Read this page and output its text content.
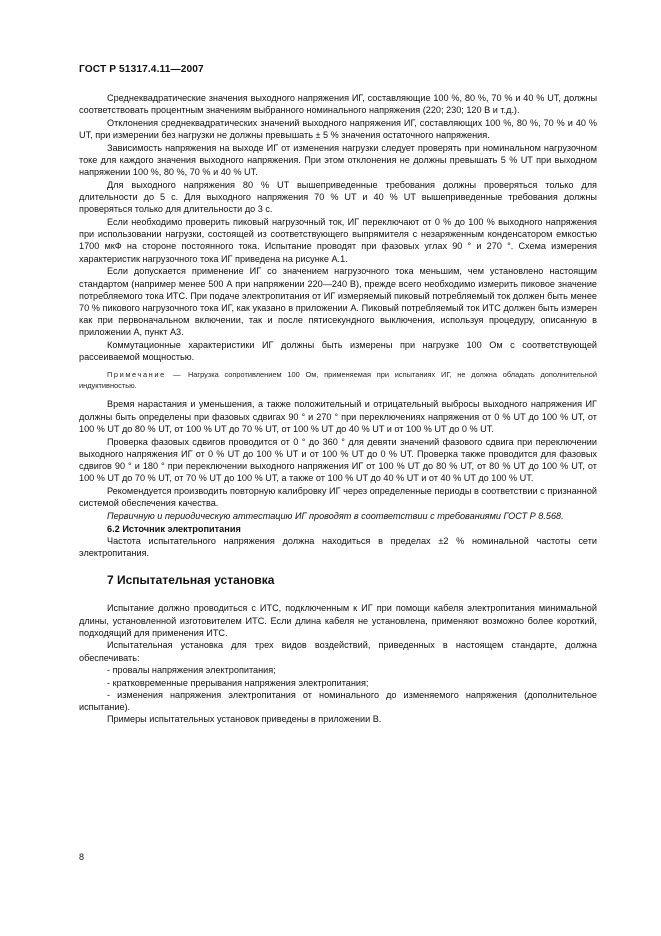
ГОСТ Р 51317.4.11—2007

Среднеквадратические значения выходного напряжения ИГ, составляющие 100 %, 80 %, 70 % и 40 % UT, должны соответствовать процентным значениям выбранного номинального напряжения (220; 230; 120 В и т.д.).

Отклонения среднеквадратических значений выходного напряжения ИГ, составляющих 100 %, 80 %, 70 % и 40 % UT, при измерении без нагрузки не должны превышать ± 5 % значения остаточного напряжения.

Зависимость напряжения на выходе ИГ от изменения нагрузки следует проверять при номинальном нагрузочном токе для каждого значения выходного напряжения. При этом отклонения не должны превышать 5 % UT при выходном напряжении 100 %, 80 %, 70 % и 40 % UT.

Для выходного напряжения 80 % UT вышеприведенные требования должны проверяться только для длительности до 5 с. Для выходного напряжения 70 % UT и 40 % UT вышеприведенные требования должны проверяться только для длительности до 3 с.

Если необходимо проверить пиковый нагрузочный ток, ИГ переключают от 0 % до 100 % выходного напряжения при использовании нагрузки, состоящей из соответствующего выпрямителя с незаряженным конденсатором емкостью 1700 мкФ на стороне постоянного тока. Испытание проводят при фазовых углах 90 ° и 270 °. Схема измерения характеристик нагрузочного тока ИГ приведена на рисунке А.1.

Если допускается применение ИГ со значением нагрузочного тока меньшим, чем установлено настоящим стандартом (например менее 500 А при напряжении 220—240 В), прежде всего необходимо измерить пиковое значение потребляемого тока ИТС. При подаче электропитания от ИГ измеряемый пиковый потребляемый ток должен быть менее 70 % пикового нагрузочного тока ИГ, как указано в приложении А. Пиковый потребляемый ток ИТС должен быть измерен как при первоначальном включении, так и после пятисекундного выключения, используя процедуру, описанную в приложении А, пункт А3.

Коммутационные характеристики ИГ должны быть измерены при нагрузке 100 Ом с соответствующей рассеиваемой мощностью.

Примечание — Нагрузка сопротивлением 100 Ом, применяемая при испытаниях ИГ, не должна обладать дополнительной индуктивностью.

Время нарастания и уменьшения, а также положительный и отрицательный выбросы выходного напряжения ИГ должны быть определены при фазовых сдвигах 90 ° и 270 ° при переключениях напряжения от 0 % UT до 100 % UT, от 100 % UT до 80 % UT, от 100 % UT до 70 % UT, от 100 % UT до 40 % UT и от 100 % UT до 0 % UT.

Проверка фазовых сдвигов проводится от 0 ° до 360 ° для девяти значений фазового сдвига при переключении выходного напряжения ИГ от 0 % UT до 100 % UT и от 100 % UT до 0 % UT. Проверка также проводится для фазовых сдвигов 90 ° и 180 ° при переключении выходного напряжения ИГ от 100 % UT до 80 % UT, от 80 % UT до 100 % UT, от 100 % UT до 70 % UT, от 70 % UT до 100 % UT, а также от 100 % UT до 40 % UT и от 40 % UT до 100 % UT.

Рекомендуется производить повторную калибровку ИГ через определенные периоды в соответствии с признанной системой обеспечения качества.

Первичную и периодическую аттестацию ИГ проводят в соответствии с требованиями ГОСТ Р 8.568.

6.2 Источник электропитания

Частота испытательного напряжения должна находиться в пределах ±2 % номинальной частоты сети электропитания.

7 Испытательная установка

Испытание должно проводиться с ИТС, подключенным к ИГ при помощи кабеля электропитания минимальной длины, установленной изготовителем ИТС. Если длина кабеля не установлена, применяют возможно более короткий, подходящий для применения ИТС.

Испытательная установка для трех видов воздействий, приведенных в настоящем стандарте, должна обеспечивать:

- провалы напряжения электропитания;
- кратковременные прерывания напряжения электропитания;
- изменения напряжения электропитания от номинального до изменяемого напряжения (дополнительное испытание).

Примеры испытательных установок приведены в приложении В.

8
